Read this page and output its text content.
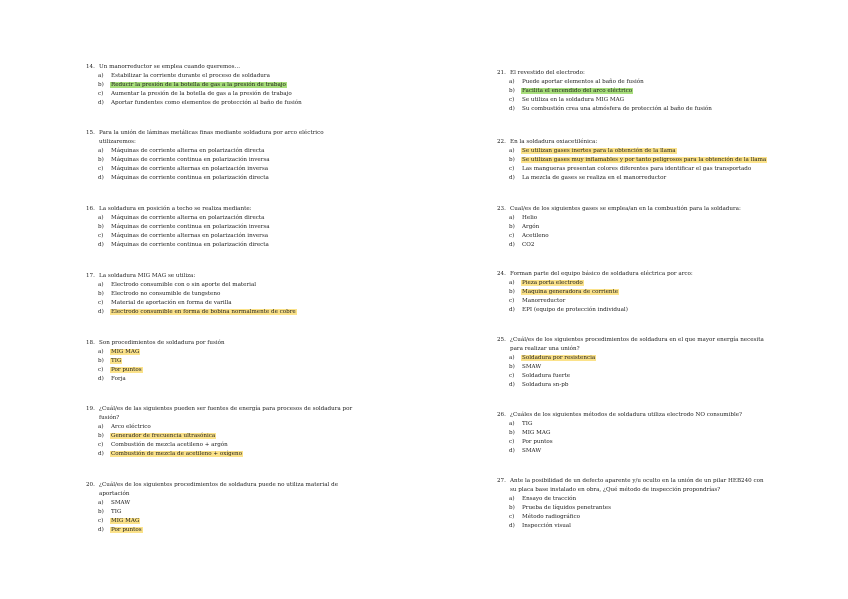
14. Un manorreductor se emplea cuando queremos…
a) Estabilizar la corriente durante el proceso de soldadura
b) Reducir la presión de la botella de gas a la presión de trabajo
c) Aumentar la presión de la botella de gas a la presión de trabajo
d) Aportar fundentes como elementos de protección al baño de fusión
15. Para la unión de láminas metálicas finas mediante soldadura por arco eléctrico
utilizaremos:
a) Máquinas de corriente alterna en polarización directa
b) Máquinas de corriente continua en polarización inversa
c) Máquinas de corriente alternas en polarización inversa
d) Máquinas de corriente continua en polarización directa
16. La soldadura en posición a techo se realiza mediante:
a) Máquinas de corriente alterna en polarización directa
b) Máquinas de corriente continua en polarización inversa
c) Máquinas de corriente alternas en polarización inversa
d) Máquinas de corriente continua en polarización directa
17. La soldadura MIG MAG se utiliza:
a) Electrodo consumible con o sin aporte del material
b) Electrodo no consumible de tungsteno
c) Material de aportación en forma de varilla
d) Electrodo consumible en forma de bobina normalmente de cobre
18. Son procedimientos de soldadura por fusión
a) MIG MAG
b) TIG
c) Por puntos
d) Forja
19. ¿Cuál/es de las siguientes pueden ser fuentes de energía para procesos de soldadura por
fusión?
a) Arco eléctrico
b) Generador de frecuencia ultrasónica
c) Combustión de mezcla acetileno + argón
d) Combustión de mezcla de acetileno + oxígeno
20. ¿Cuál/es de los siguientes procedimientos de soldadura puede no utiliza material de
aportación
a) SMAW
b) TIG
c) MIG MAG
d) Por puntos
21. El revestido del electrodo:
a) Puede aportar elementos al baño de fusión
b) Facilita el encendido del arco eléctrico
c) Se utiliza en la soldadura MIG MAG
d) Su combustión crea una atmósfera de protección al baño de fusión
22. En la soldadura oxiacetilénica:
a) Se utilizan gases inertes para la obtención de la llama
b) Se utilizan gases muy inflamables y por tanto peligrosos para la obtención de la llama
c) Las mangueras presentan colores diferentes para identificar el gas transportado
d) La mezcla de gases se realiza en el manorreductor
23. Cual/es de los siguientes gases se emplea/an en la combustión para la soldadura:
a) Helio
b) Argón
c) Acetileno
d) CO2
24. Forman parte del equipo básico de soldadura eléctrica por arco:
a) Pieza porta electrodo
b) Maquina generadora de corriente
c) Manorreductor
d) EPI (equipo de protección individual)
25. ¿Cuál/es de los siguientes procedimientos de soldadura en el que mayor energía necesita
para realizar una unión?
a) Soldadura por resistencia
b) SMAW
c) Soldadura fuerte
d) Soldadura sn-pb
26. ¿Cuáles de los siguientes métodos de soldadura utiliza electrodo NO consumible?
a) TIG
b) MIG MAG
c) Por puntos
d) SMAW
27. Ante la posibilidad de un defecto aparente y/u oculto en la unión de un pilar HEB240 con
su placa base instalado en obra, ¿Qué método de inspección propondrías?
a) Ensayo de tracción
b) Prueba de líquidos penetrantes
c) Método radiográfico
d) Inspección visual
